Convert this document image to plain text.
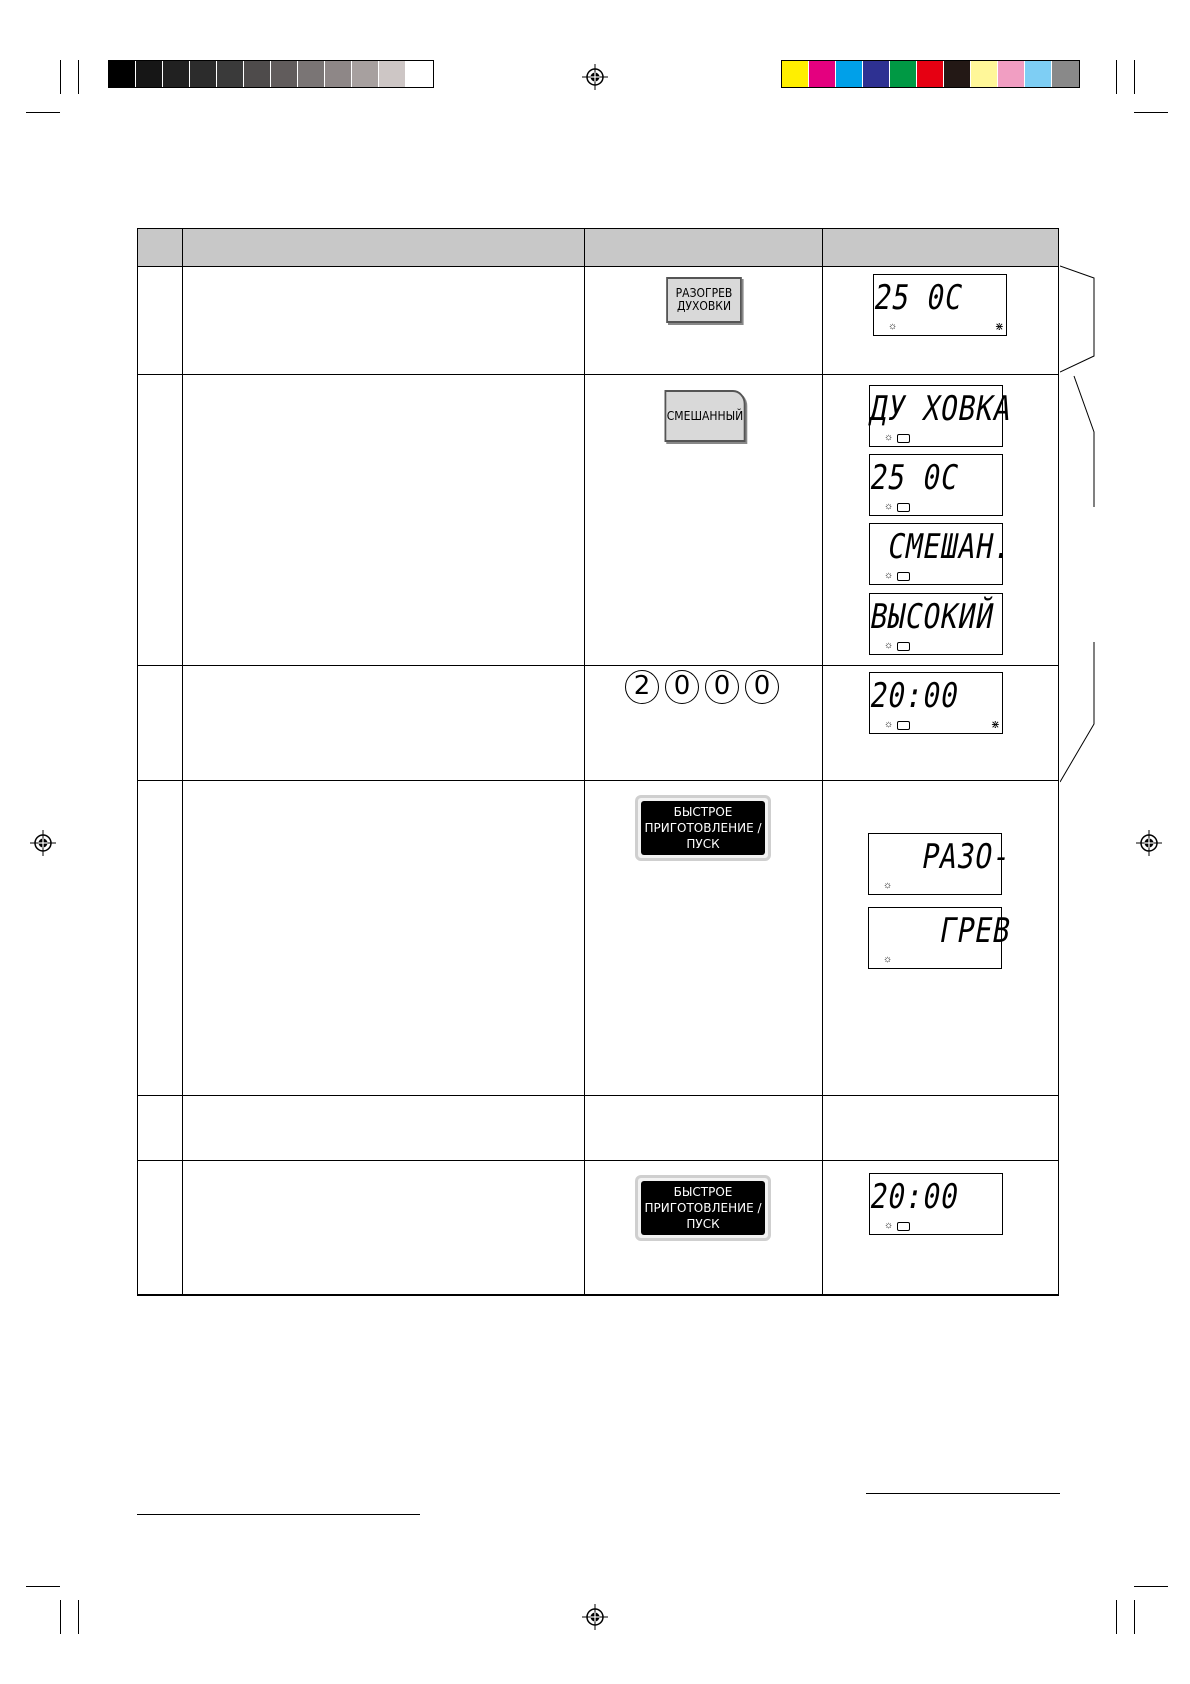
РАЗОГРЕВ
ДУХОВКИ	25 0C
☼	⋇
СМЕШАННЫЙ	ДУ ХОВКА
☼
25 0C
☼
CМЕШАН.
☼
ВЫСОКИЙ
☼
2 0 0 0	20:00
☼	⋇
БЫСТРОЕ
ПРИГОТОВЛЕНИЕ /
ПУСК	РАЗО-
☼
ГРЕВ
☼
БЫСТРОЕ
ПРИГОТОВЛЕНИЕ /
ПУСК
20:00
☼
